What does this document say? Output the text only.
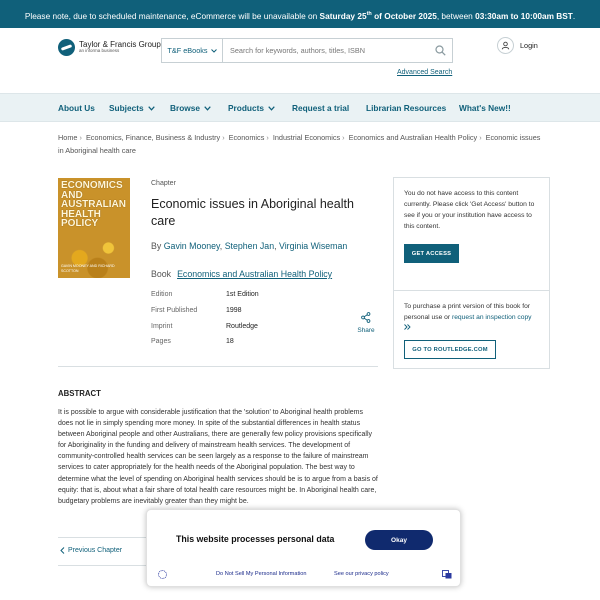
Please note, due to scheduled maintenance, eCommerce will be unavailable on Saturday 25th of October 2025, between 03:30am to 10:00am BST.
Taylor & Francis Group
an informa business	T&F eBooks
Search for keywords, authors, titles, ISBN
Advanced Search
Login
About Us Subjects	Browse	Products	Request a trial Librarian Resources What's New!!
Home › Economics, Finance, Business & Industry › Economics › Industrial Economics › Economics and Australian Health Policy › Economic issues in Aboriginal health care
ECONOMICS AND AUSTRALIAN HEALTH POLICY
GAVIN MOONEY AND RICHARD SCOTTON
Chapter
Economic issues in Aboriginal health care
By Gavin Mooney, Stephen Jan, Virginia Wiseman
Book Economics and Australian Health Policy
Edition	1st Edition
First Published	1998
Imprint	Routledge
Pages	18
Share
ABSTRACT

It is possible to argue with considerable justification that the 'solution' to Aboriginal health problems does not lie in simply spending more money. In spite of the substantial differences in health status between Aboriginal people and other Australians, there are generally few policy provisions specifically for Aboriginality in the funding and delivery of mainstream health services. The development of community-controlled health services can be seen largely as a response to the failure of mainstream services to cater appropriately for the health needs of the Aboriginal population. The best way to determine what the level of spending on Aboriginal health services should be is to argue from a basis of equity: that is, about what a fair share of total health care resources might be. In Aboriginal health care, budgetary problems are inevitably greater than they might be.

Previous Chapter

You do not have access to this content currently. Please click 'Get Access' button to see if you or your institution have access to this content.

GET ACCESS

To purchase a print version of this book for personal use or request an inspection copy

GO TO ROUTLEDGE.COM
This website processes personal data	Okay
Do Not Sell My Personal Information	See our privacy policy
